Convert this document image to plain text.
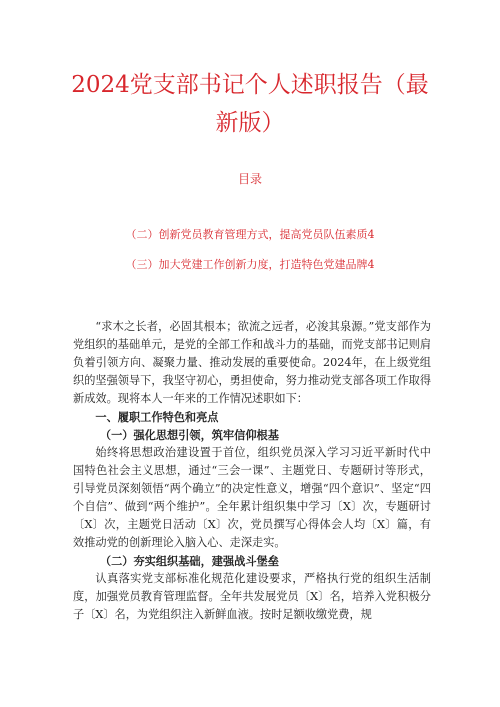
2024党支部书记个人述职报告（最新版）
目录
（二）创新党员教育管理方式，提高党员队伍素质4
（三）加大党建工作创新力度，打造特色党建品牌4

“求木之长者，必固其根本；欲流之远者，必浚其泉源。”党支部作为党组织的基础单元，是党的全部工作和战斗力的基础，而党支部书记则肩负着引领方向、凝聚力量、推动发展的重要使命。2024年，在上级党组织的坚强领导下，我坚守初心，勇担使命，努力推动党支部各项工作取得新成效。现将本人一年来的工作情况述职如下：

一、履职工作特色和亮点

（一）强化思想引领，筑牢信仰根基

始终将思想政治建设置于首位，组织党员深入学习习近平新时代中国特色社会主义思想，通过“三会一课”、主题党日、专题研讨等形式，引导党员深刻领悟“两个确立”的决定性意义，增强“四个意识”、坚定“四个自信”、做到“两个维护”。全年累计组织集中学习〔X〕次，专题研讨〔X〕次，主题党日活动〔X〕次，党员撰写心得体会人均〔X〕篇，有效推动党的创新理论入脑入心、走深走实。

（二）夯实组织基础，建强战斗堡垒

认真落实党支部标准化规范化建设要求，严格执行党的组织生活制度，加强党员教育管理监督。全年共发展党员〔X〕名，培养入党积极分子〔X〕名，为党组织注入新鲜血液。按时足额收缴党费，规
